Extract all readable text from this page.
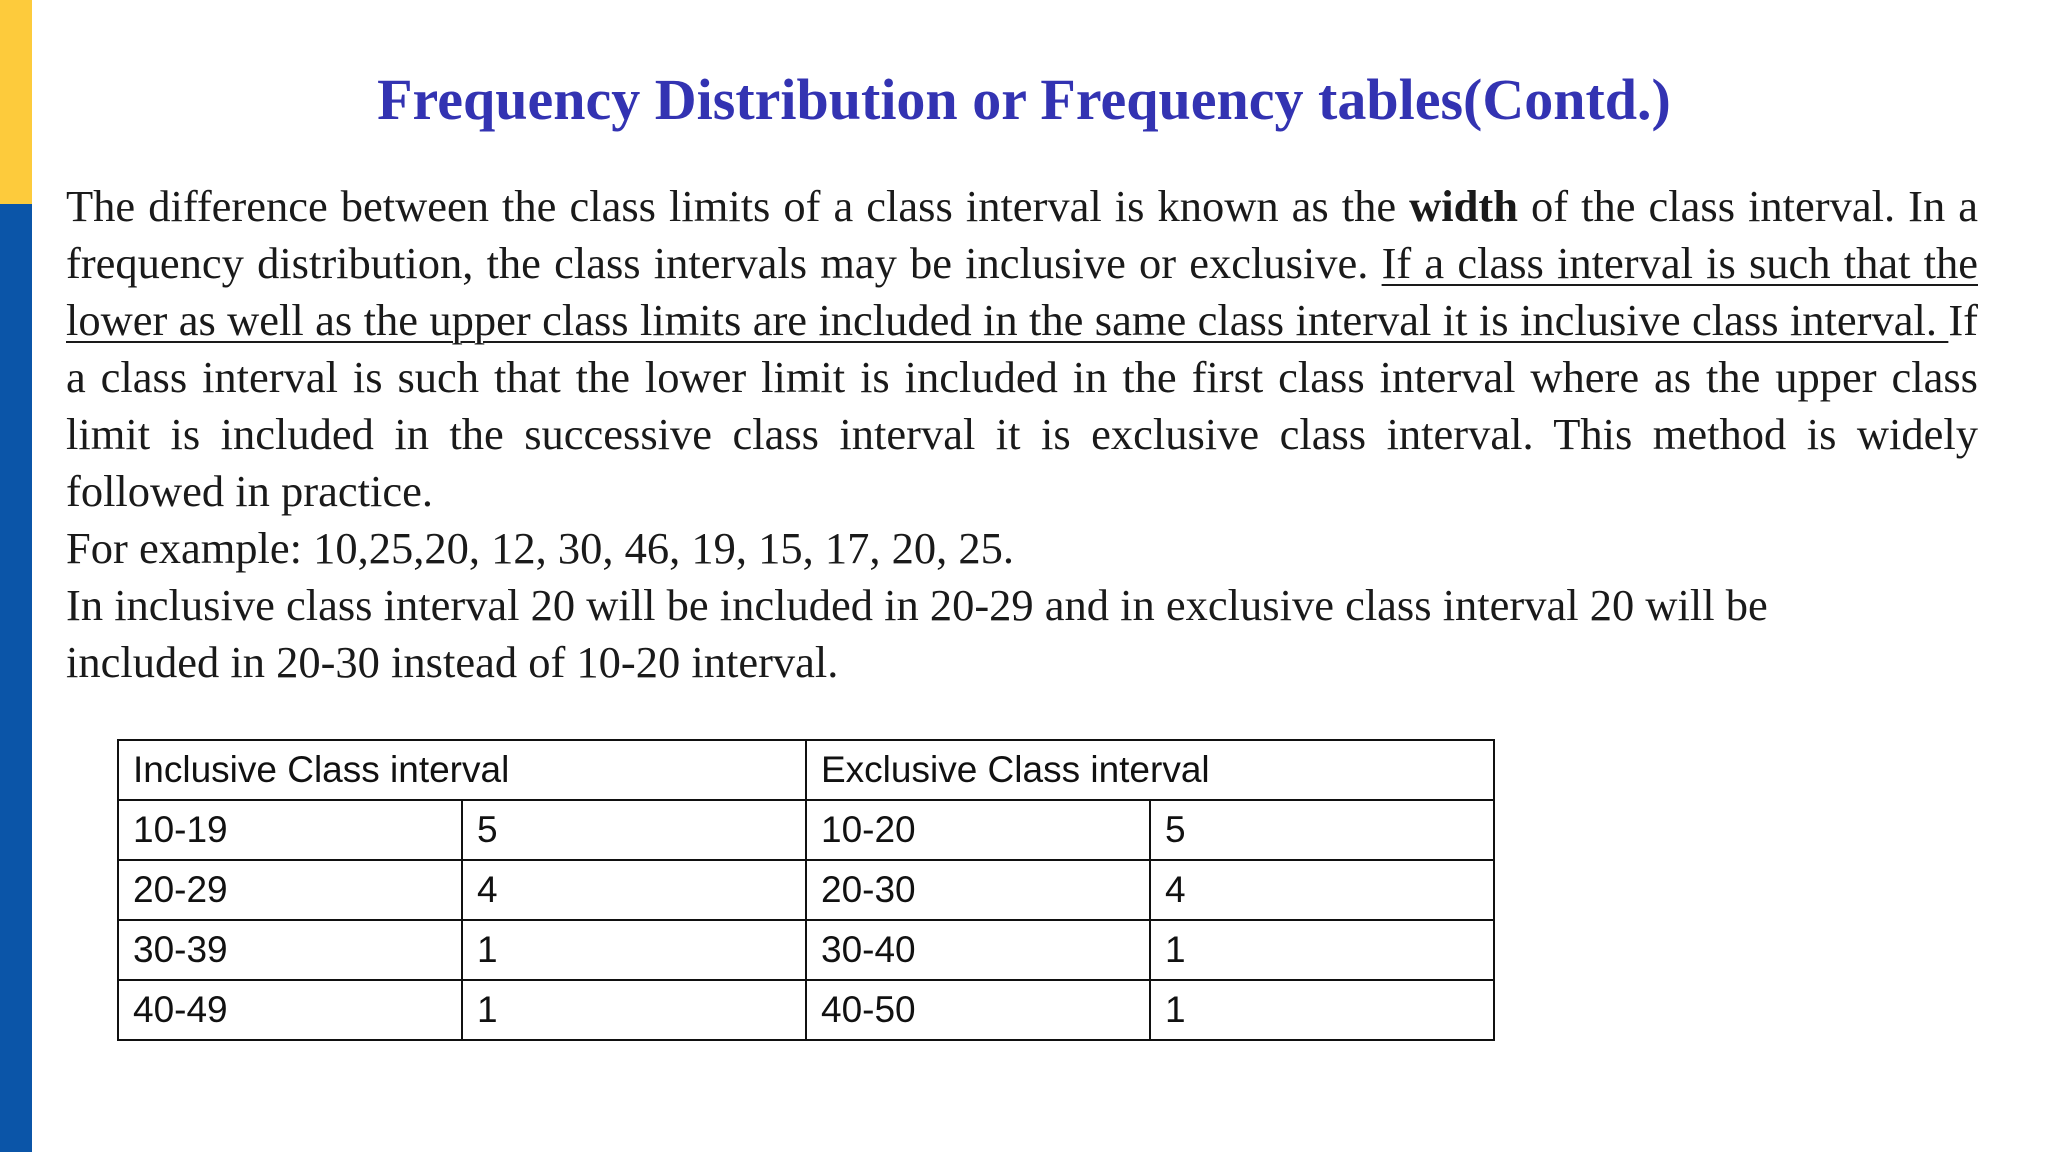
Frequency Distribution or Frequency tables(Contd.)

The difference between the class limits of a class interval is known as the width of the class interval. In a frequency distribution, the class intervals may be inclusive or exclusive. If a class interval is such that the lower as well as the upper class limits are included in the same class interval it is inclusive class interval. If a class interval is such that the lower limit is included in the first class interval where as the upper class limit is included in the successive class interval it is exclusive class interval. This method is widely followed in practice.

For example: 10,25,20, 12, 30, 46, 19, 15, 17, 20, 25.

In inclusive class interval 20 will be included in 20-29 and in exclusive class interval 20 will be

included in 20-30 instead of 10-20 interval.

Inclusive Class interval		Exclusive Class interval	
10-19	5	10-20	5
20-29	4	20-30	4
30-39	1	30-40	1
40-49	1	40-50	1
